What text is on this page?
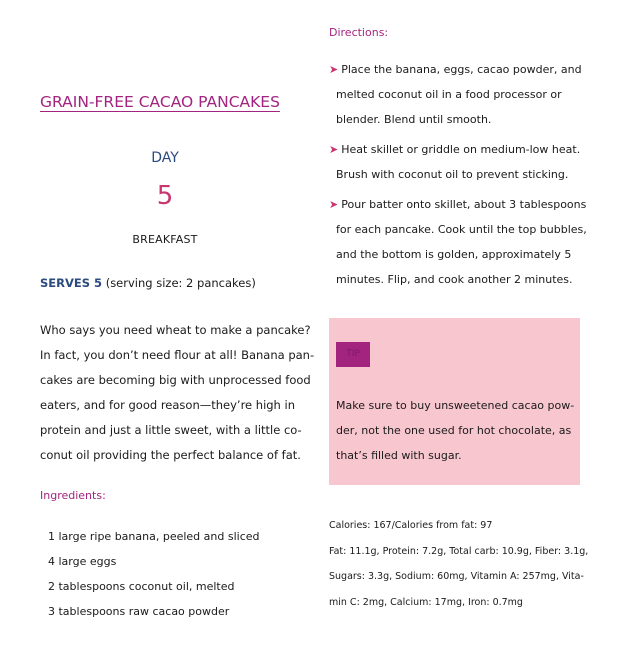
GRAIN-FREE CACAO PANCAKES
DAY
5
BREAKFAST
SERVES 5 (serving size: 2 pancakes)
Who says you need wheat to make a pancake?
In fact, you don’t need flour at all! Banana pan-
cakes are becoming big with unprocessed food
eaters, and for good reason—they’re high in
protein and just a little sweet, with a little co-
conut oil providing the perfect balance of fat.
Ingredients:
1 large ripe banana, peeled and sliced
4 large eggs
2 tablespoons coconut oil, melted
3 tablespoons raw cacao powder
Directions:
➤ Place the banana, eggs, cacao powder, and
melted coconut oil in a food processor or
blender. Blend until smooth.
➤ Heat skillet or griddle on medium-low heat.
Brush with coconut oil to prevent sticking.
➤ Pour batter onto skillet, about 3 tablespoons
for each pancake. Cook until the top bubbles,
and the bottom is golden, approximately 5
minutes. Flip, and cook another 2 minutes.
TIP
Make sure to buy unsweetened cacao pow-
der, not the one used for hot chocolate, as
that’s filled with sugar.
Calories: 167/Calories from fat: 97
Fat: 11.1g, Protein: 7.2g, Total carb: 10.9g, Fiber: 3.1g,
Sugars: 3.3g, Sodium: 60mg, Vitamin A: 257mg, Vita-
min C: 2mg, Calcium: 17mg, Iron: 0.7mg
